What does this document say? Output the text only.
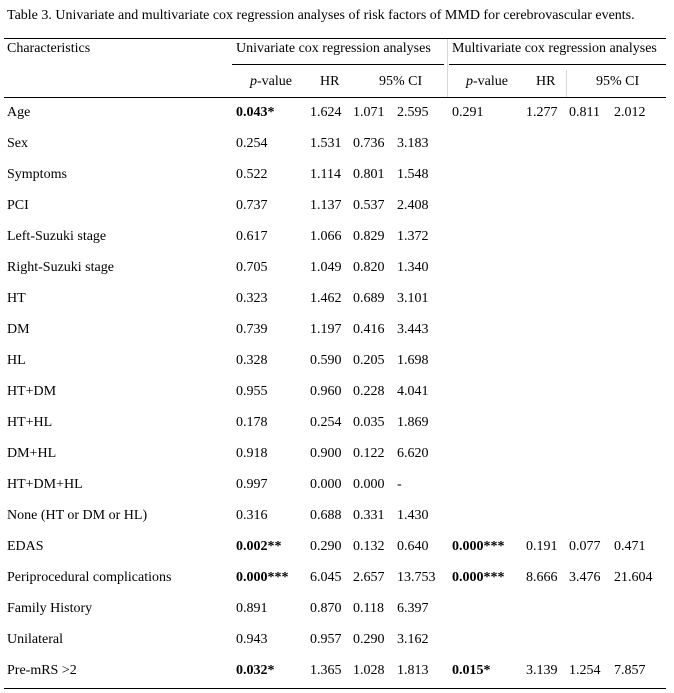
Table 3. Univariate and multivariate cox regression analyses of risk factors of MMD for cerebrovascular events.
Characteristics	Univariate cox regression analyses Multivariate cox regression analyses
p-value HR	95% CI	p-value HR	95% CI
Age	0.043*	1.624 1.071 2.595 0.291	1.277 0.811 2.012
Sex	0.254	1.531 0.736 3.183
Symptoms	0.522	1.114 0.801 1.548
PCI	0.737	1.137 0.537 2.408
Left-Suzuki stage	0.617	1.066 0.829 1.372
Right-Suzuki stage	0.705	1.049 0.820 1.340
HT	0.323	1.462 0.689 3.101
DM	0.739	1.197 0.416 3.443
HL	0.328	0.590 0.205 1.698
HT+DM	0.955	0.960 0.228 4.041
HT+HL	0.178	0.254 0.035 1.869
DM+HL	0.918	0.900 0.122 6.620
HT+DM+HL	0.997	0.000 0.000 -
None (HT or DM or HL)	0.316	0.688 0.331 1.430
EDAS	0.002** 0.290 0.132 0.640 0.000*** 0.191 0.077 0.471
Periprocedural complications	0.000*** 6.045 2.657 13.753 0.000*** 8.666 3.476 21.604
Family History	0.891	0.870 0.118 6.397
Unilateral	0.943	0.957 0.290 3.162
Pre-mRS >2	0.032*	1.365 1.028 1.813 0.015*	3.139 1.254 7.857
